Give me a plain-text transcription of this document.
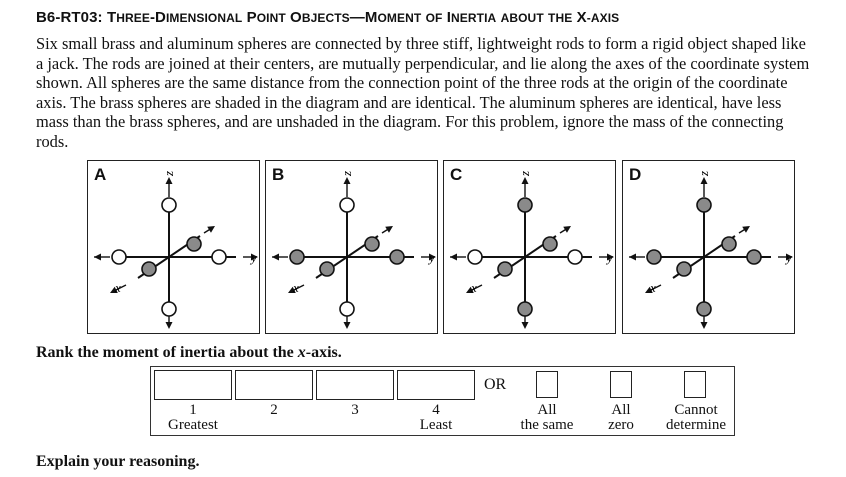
B6-RT03: THREE-DIMENSIONAL POINT OBJECTS—MOMENT OF INERTIA ABOUT THE X-AXIS
Six small brass and aluminum spheres are connected by three stiff, lightweight rods to form a rigid object shaped like a jack. The rods are joined at their centers, are mutually perpendicular, and lie along the axes of the coordinate system shown. All spheres are the same distance from the connection point of the three rods at the origin of the coordinate axis. The brass spheres are shaded in the diagram and are identical. The aluminum spheres are identical, have less mass than the brass spheres, and are unshaded in the diagram. For this problem, ignore the mass of the connecting rods.
A	z
y
x
B	z
y
x
C	z
y
x
D	z
y
x
Rank the moment of inertia about the x-axis.
1
Greatest
2	3	4
Least
OR
All
the same
All
zero
Cannot
determine
Explain your reasoning.
